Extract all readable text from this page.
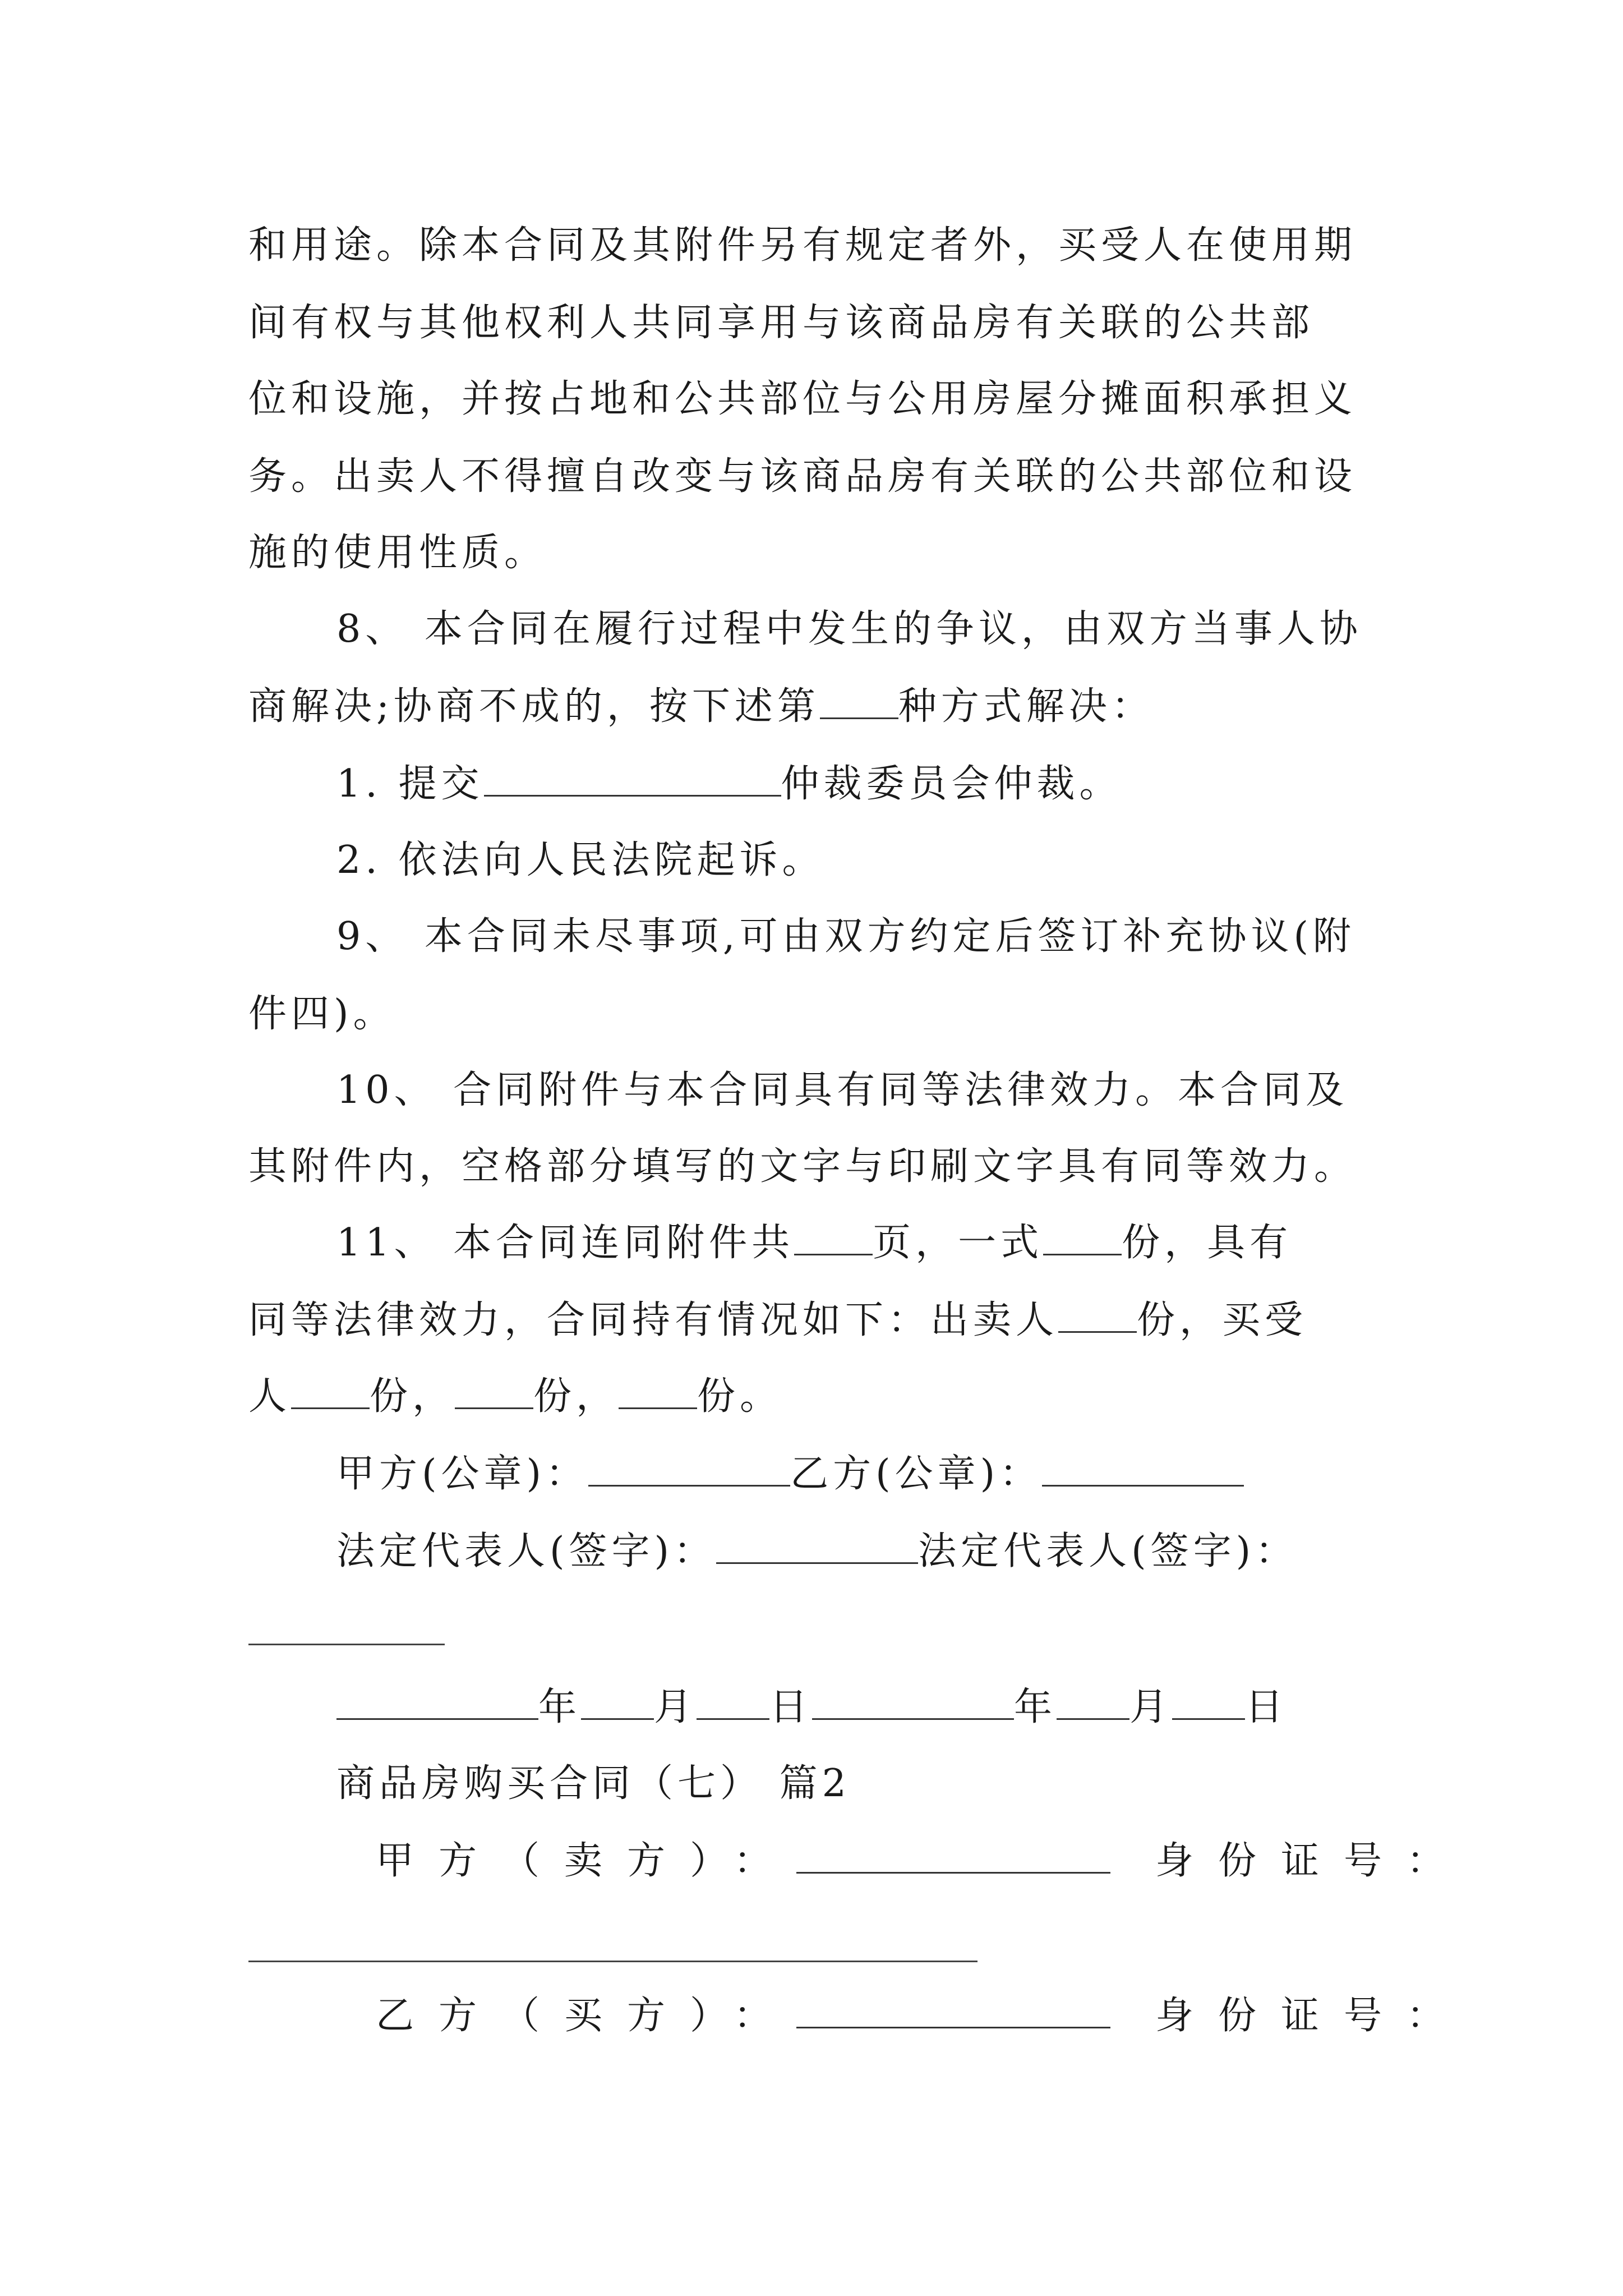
和用途。除本合同及其附件另有规定者外，买受人在使用期
间有权与其他权利人共同享用与该商品房有关联的公共部
位和设施，并按占地和公共部位与公用房屋分摊面积承担义
务。出卖人不得擅自改变与该商品房有关联的公共部位和设
施的使用性质。
8、 本合同在履行过程中发生的争议，由双方当事人协
商解决;协商不成的，按下述第 种方式解决：
1. 提交	仲裁委员会仲裁。
2. 依法向人民法院起诉。
9、 本合同未尽事项,可由双方约定后签订补充协议(附
件四)。
10、 合同附件与本合同具有同等法律效力。本合同及
其附件内，空格部分填写的文字与印刷文字具有同等效力。
11、 本合同连同附件共 页，一式 份，具有
同等法律效力，合同持有情况如下：出卖人 份，买受
人 份， 份， 份。
甲方(公章)：	乙方(公章)：
法定代表人(签字)：	法定代表人(签字)：
年 月 日	年 月 日
商品房购买合同（七） 篇2
甲方（卖方）：	身份证号：
乙方（买方）：	身份证号：
